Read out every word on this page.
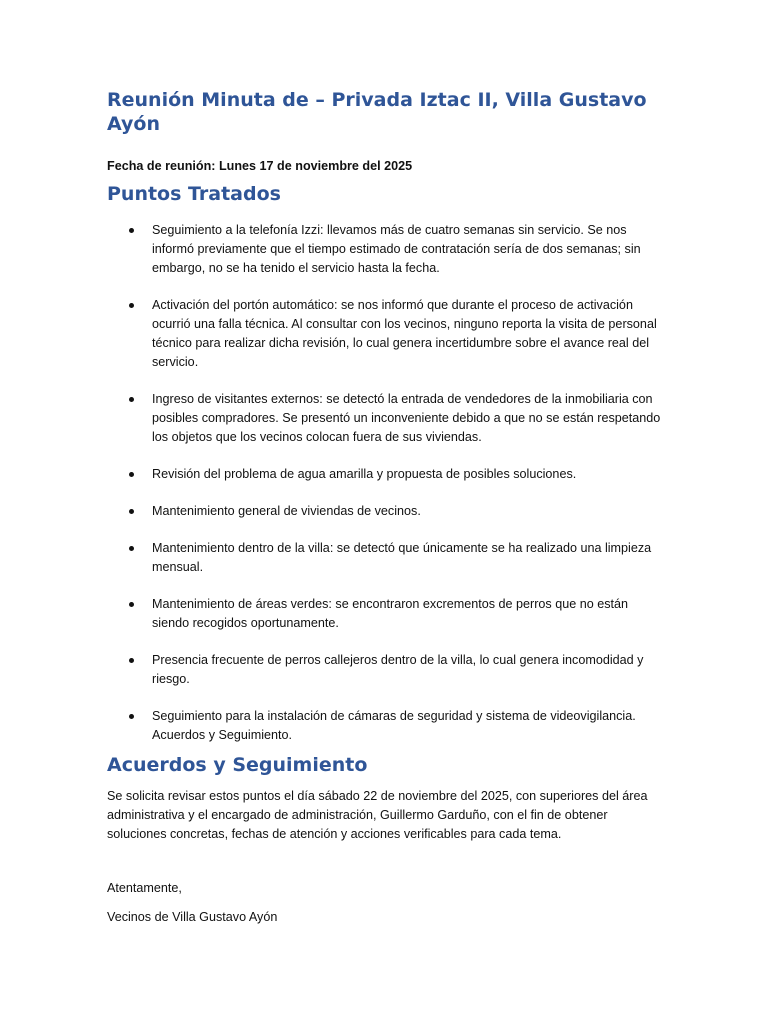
Reunión Minuta de – Privada Iztac II, Villa Gustavo Ayón

Fecha de reunión: Lunes 17 de noviembre del 2025

Puntos Tratados
Seguimiento a la telefonía Izzi: llevamos más de cuatro semanas sin servicio. Se nos informó previamente que el tiempo estimado de contratación sería de dos semanas; sin embargo, no se ha tenido el servicio hasta la fecha.
Activación del portón automático: se nos informó que durante el proceso de activación ocurrió una falla técnica. Al consultar con los vecinos, ninguno reporta la visita de personal técnico para realizar dicha revisión, lo cual genera incertidumbre sobre el avance real del servicio.
Ingreso de visitantes externos: se detectó la entrada de vendedores de la inmobiliaria con posibles compradores. Se presentó un inconveniente debido a que no se están respetando los objetos que los vecinos colocan fuera de sus viviendas.
Revisión del problema de agua amarilla y propuesta de posibles soluciones.
Mantenimiento general de viviendas de vecinos.
Mantenimiento dentro de la villa: se detectó que únicamente se ha realizado una limpieza mensual.
Mantenimiento de áreas verdes: se encontraron excrementos de perros que no están siendo recogidos oportunamente.
Presencia frecuente de perros callejeros dentro de la villa, lo cual genera incomodidad y riesgo.
Seguimiento para la instalación de cámaras de seguridad y sistema de videovigilancia. Acuerdos y Seguimiento.
Acuerdos y Seguimiento

Se solicita revisar estos puntos el día sábado 22 de noviembre del 2025, con superiores del área administrativa y el encargado de administración, Guillermo Garduño, con el fin de obtener soluciones concretas, fechas de atención y acciones verificables para cada tema.

Atentamente,

Vecinos de Villa Gustavo Ayón
